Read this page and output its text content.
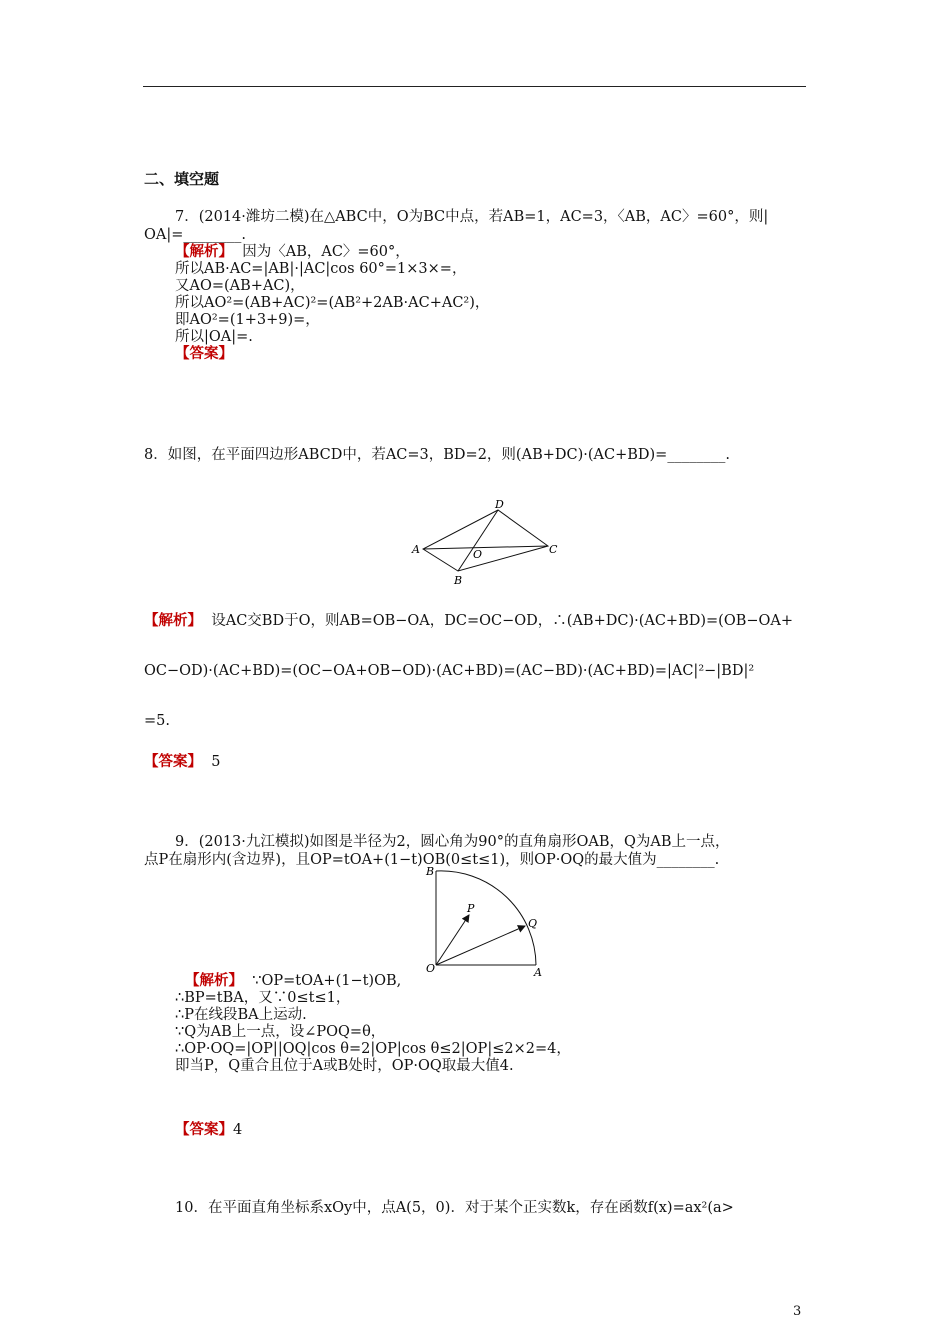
二、填空题
7．(2014·潍坊二模)在△ABC中，O为BC中点，若AB=1，AC=3，〈AB，AC〉=60°，则|
OA|=________.
【解析】 因为〈AB，AC〉=60°，
所以AB·AC=|AB|·|AC|cos 60°=1×3×=，
又AO=(AB+AC)，
所以AO²=(AB+AC)²=(AB²+2AB·AC+AC²)，
即AO²=(1+3+9)=，
所以|OA|=.
【答案】
8．如图，在平面四边形ABCD中，若AC=3，BD=2，则(AB+DC)·(AC+BD)=________.
A
B
C
D
O
【解析】 设AC交BD于O，则AB=OB−OA，DC=OC−OD，∴(AB+DC)·(AC+BD)=(OB−OA+
OC−OD)·(AC+BD)=(OC−OA+OB−OD)·(AC+BD)=(AC−BD)·(AC+BD)=|AC|²−|BD|²
=5.
【答案】 5
9．(2013·九江模拟)如图是半径为2，圆心角为90°的直角扇形OAB，Q为AB上一点，
点P在扇形内(含边界)，且OP=tOA+(1−t)OB(0≤t≤1)，则OP·OQ的最大值为________.
B
P
Q
O	A
【解析】 ∵OP=tOA+(1−t)OB,
∴BP=tBA，又∵0≤t≤1，
∴P在线段BA上运动.
∵Q为AB上一点，设∠POQ=θ，
∴OP·OQ=|OP||OQ|cos θ=2|OP|cos θ≤2|OP|≤2×2=4，
即当P，Q重合且位于A或B处时，OP·OQ取最大值4.
【答案】4
10．在平面直角坐标系xOy中，点A(5，0)．对于某个正实数k，存在函数f(x)=ax²(a>
3
